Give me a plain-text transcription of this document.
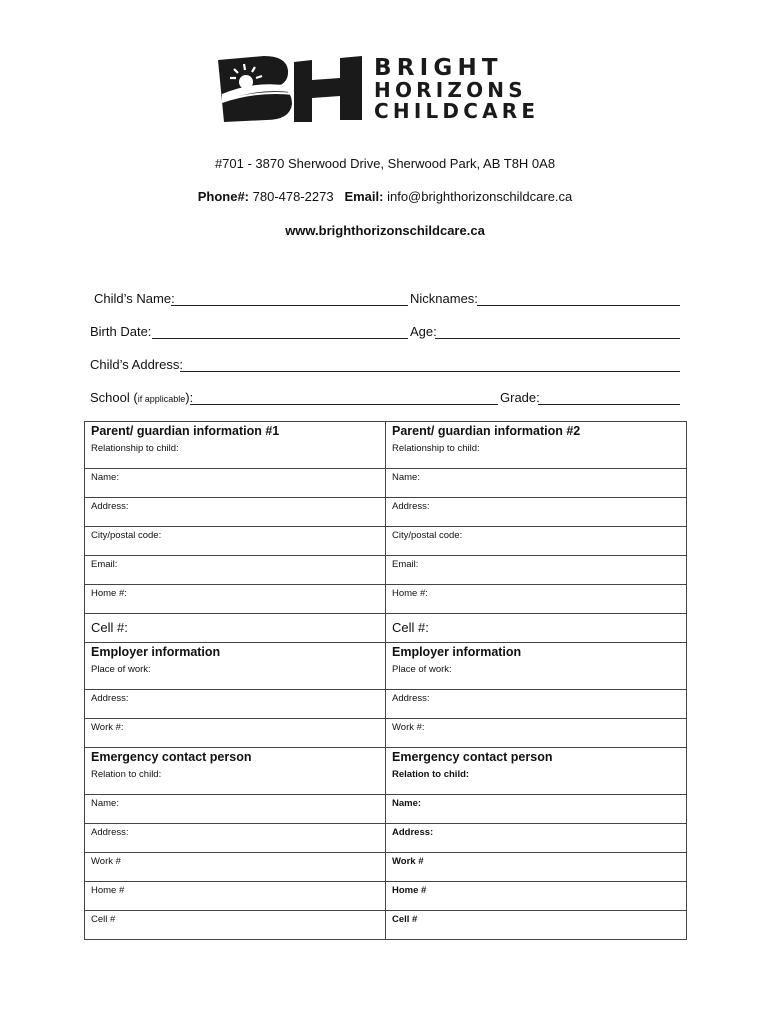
BRIGHT
HORIZONS
CHILDCARE
#701 - 3870 Sherwood Drive, Sherwood Park, AB T8H 0A8
Phone#: 780-478-2273 Email: info@brighthorizonschildcare.ca
www.brighthorizonschildcare.ca
Child’s Name:	Nicknames:
Birth Date:	Age:
Child’s Address:
School (if applicable):	Grade:
Parent/ guardian information #1	Parent/ guardian information #2
Relationship to child:	Relationship to child:
Name:	Name:
Address:	Address:
City/postal code:	City/postal code:
Email:	Email:
Home #:	Home #:
Cell #:	Cell #:
Employer information	Employer information
Place of work:	Place of work:
Address:	Address:
Work #:	Work #:
Emergency contact person	Emergency contact person
Relation to child:	Relation to child:
Name:	Name:
Address:	Address:
Work #	Work #
Home #	Home #
Cell #	Cell #
